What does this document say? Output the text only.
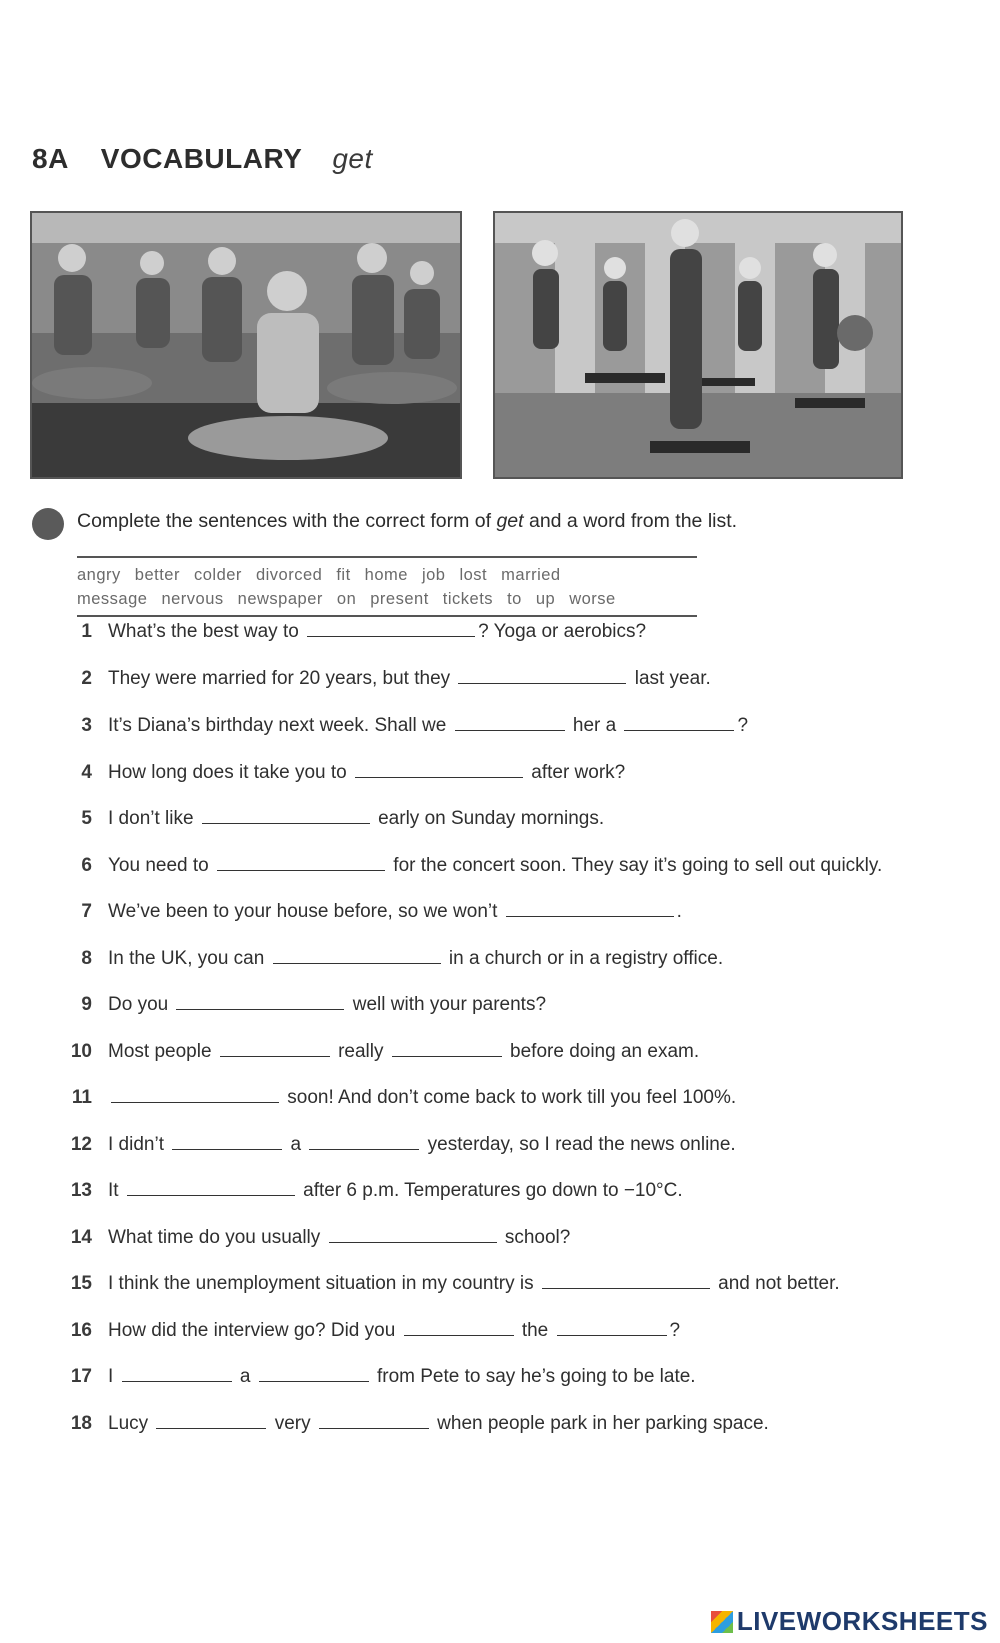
8A VOCABULARY get
Complete the sentences with the correct form of get and a word from the list.
angry better colder divorced fit home job lost married
message nervous newspaper on present tickets to up worse
1 What’s the best way to	? Yoga or aerobics?
2 They were married for 20 years, but they	last year.
3 It’s Diana’s birthday next week. Shall we	her a	?
4 How long does it take you to	after work?
5 I don’t like	early on Sunday mornings.
6 You need to	for the concert soon. They say it’s going to sell out quickly.
7 We’ve been to your house before, so we won’t	.
8 In the UK, you can	in a church or in a registry office.
9 Do you	well with your parents?
10 Most people	really	before doing an exam.
11	soon! And don’t come back to work till you feel 100%.
12 I didn’t	a	yesterday, so I read the news online.
13 It	after 6 p.m. Temperatures go down to −10°C.
14 What time do you usually	school?
15 I think the unemployment situation in my country is	and not better.
16 How did the interview go? Did you	the	?
17 I	a	from Pete to say he’s going to be late.
18 Lucy	very	when people park in her parking space.
LIVEWORKSHEETS
